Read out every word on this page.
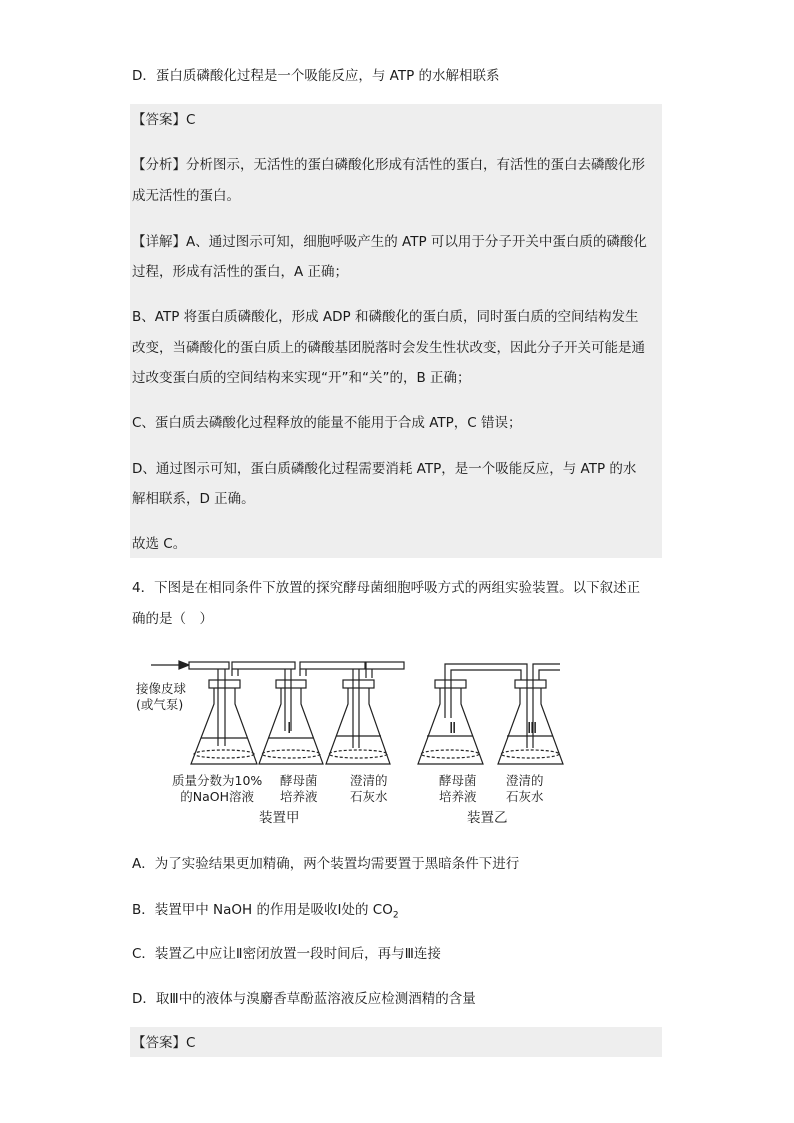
D．蛋白质磷酸化过程是一个吸能反应，与 ATP 的水解相联系
【答案】C
【分析】分析图示，无活性的蛋白磷酸化形成有活性的蛋白，有活性的蛋白去磷酸化形
成无活性的蛋白。
【详解】A、通过图示可知，细胞呼吸产生的 ATP 可以用于分子开关中蛋白质的磷酸化
过程，形成有活性的蛋白，A 正确；
B、ATP 将蛋白质磷酸化，形成 ADP 和磷酸化的蛋白质，同时蛋白质的空间结构发生
改变，当磷酸化的蛋白质上的磷酸基团脱落时会发生性状改变，因此分子开关可能是通
过改变蛋白质的空间结构来实现“开”和“关”的，B 正确；
C、蛋白质去磷酸化过程释放的能量不能用于合成 ATP，C 错误；
D、通过图示可知，蛋白质磷酸化过程需要消耗 ATP，是一个吸能反应，与 ATP 的水
解相联系，D 正确。
故选 C。
4．下图是在相同条件下放置的探究酵母菌细胞呼吸方式的两组实验装置。以下叙述正
确的是（　）
接像皮球
(或气泵)
Ⅰ	Ⅱ	Ⅲ
质量分数为10%
的NaOH溶液
酵母菌
培养液
澄清的
石灰水
酵母菌
培养液
澄清的
石灰水
装置甲	装置乙
A．为了实验结果更加精确，两个装置均需要置于黑暗条件下进行
B．装置甲中 NaOH 的作用是吸收Ⅰ处的 $CO_2$
C．装置乙中应让Ⅱ密闭放置一段时间后，再与Ⅲ连接
D．取Ⅲ中的液体与溴麝香草酚蓝溶液反应检测酒精的含量
【答案】C
